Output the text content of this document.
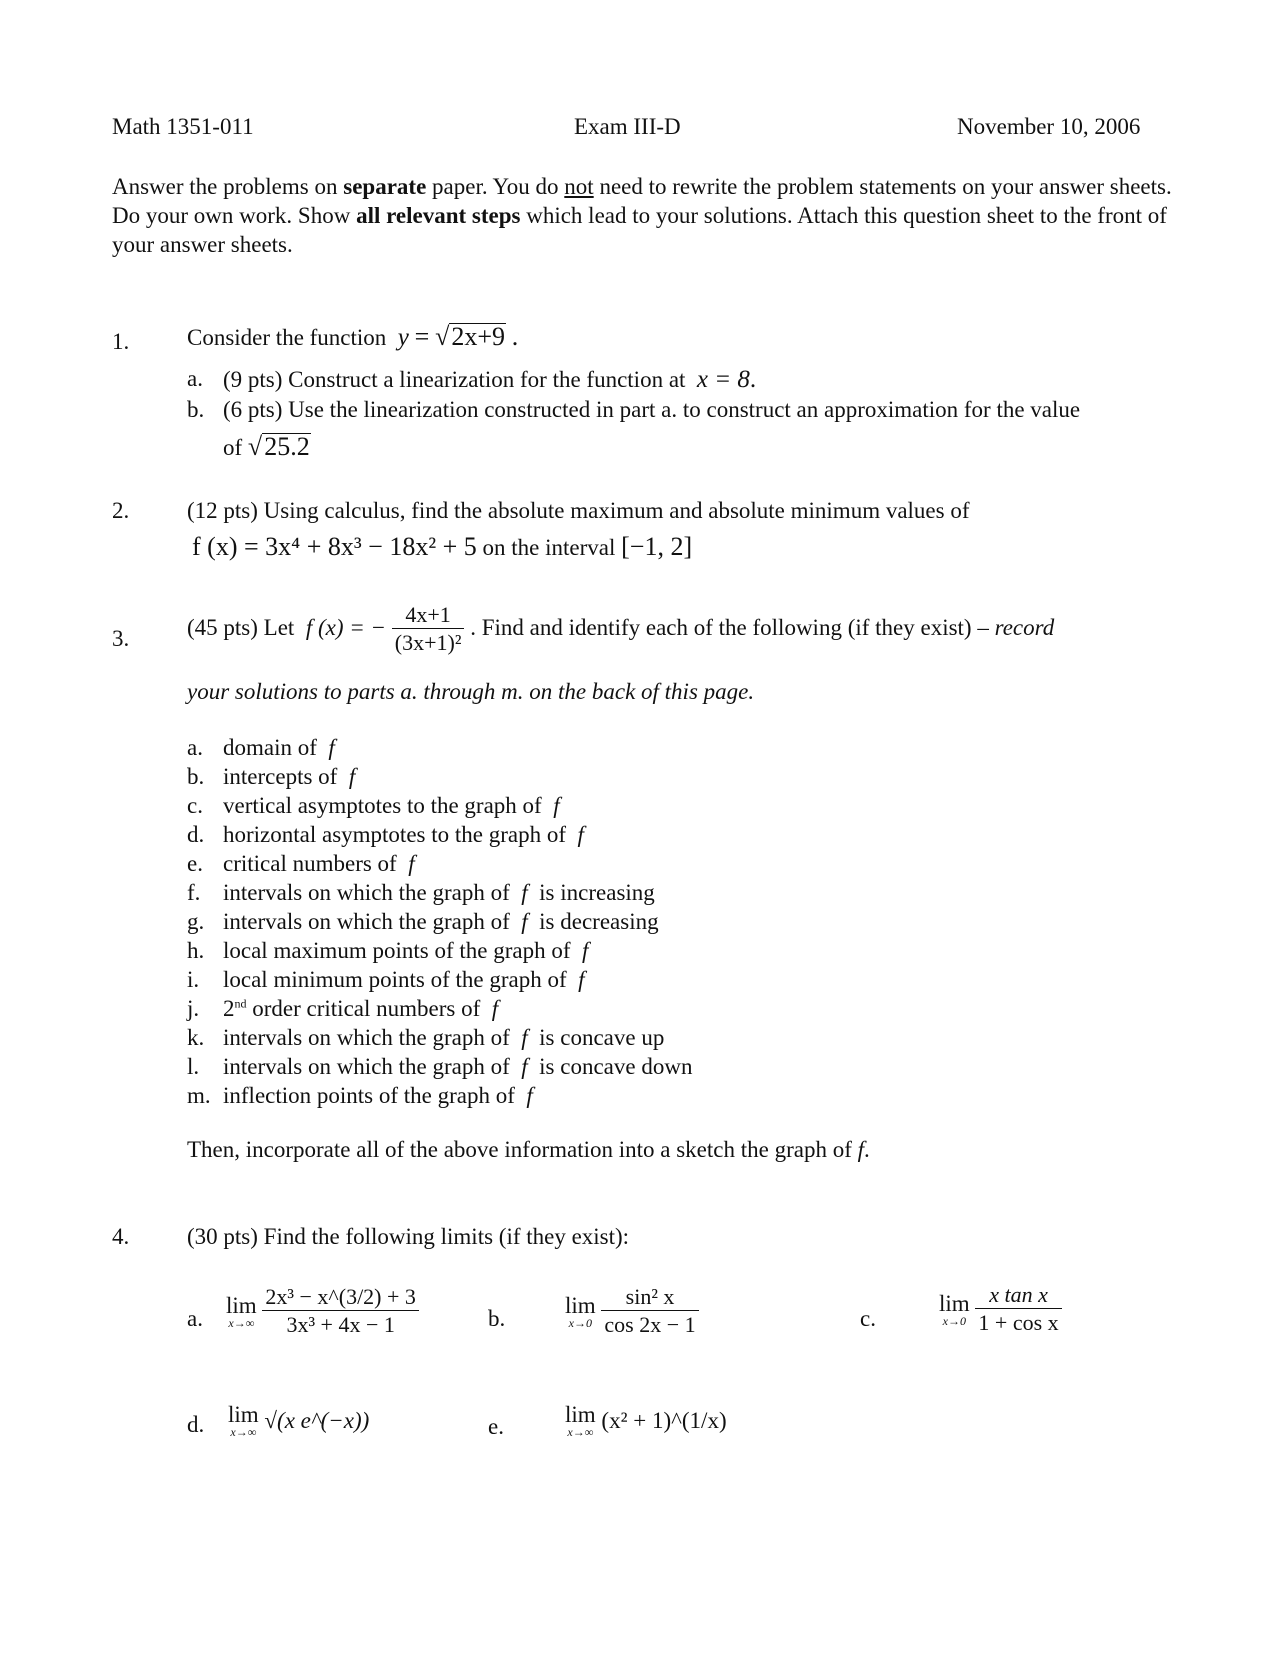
Math 1351-011	Exam III-D	November 10, 2006
Answer the problems on separate paper. You do not need to rewrite the problem statements on your answer sheets. Do your own work. Show all relevant steps which lead to your solutions. Attach this question sheet to the front of your answer sheets.
1.	Consider the function y = √2x+9 .
a. (9 pts) Construct a linearization for the function at x = 8.
b. (6 pts) Use the linearization constructed in part a. to construct an approximation for the value
of √25.2
2.	(12 pts) Using calculus, find the absolute maximum and absolute minimum values of
f (x) = 3x⁴ + 8x³ − 18x² + 5 on the interval [−1, 2]
3.	(45 pts) Let f (x) = − $\frac{4x+1}{\text{(3x+1)²}}$ . Find and identify each of the following (if they exist) – record
your solutions to parts a. through m. on the back of this page.
a. domain of f
b. intercepts of f
c. vertical asymptotes to the graph of f
d. horizontal asymptotes to the graph of f
e. critical numbers of f
f. intervals on which the graph of f is increasing
g. intervals on which the graph of f is decreasing
h. local maximum points of the graph of f
i. local minimum points of the graph of f
j. 2nd order critical numbers of f
k. intervals on which the graph of f is concave up
l. intervals on which the graph of f is concave down
m. inflection points of the graph of f
Then, incorporate all of the above information into a sketch the graph of f.
4.	(30 pts) Find the following limits (if they exist):
a.
lim
x→∞
$\frac{\text{2x³ − x\textasciicircum{}(3/2) + 3}}{\text{3x³ + 4x − 1}}$	b.
lim
x→0
$\frac{\text{sin² x}}{\cos 2x - 1}$	c.
lim
x→0
$\frac{\text{x tan x}}{\text{1 + cos x}}$
d. lim
x→∞ √(x e^(−x))	e.	lim
x→∞ (x² + 1)^(1/x)
